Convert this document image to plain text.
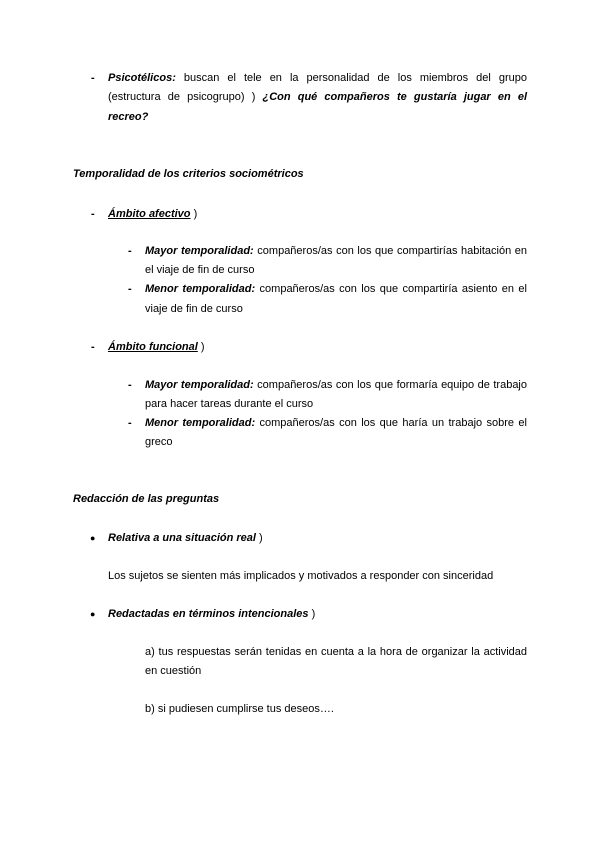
- Psicotélicos: buscan el tele en la personalidad de los miembros del grupo
(estructura de psicogrupo) ) ¿Con qué compañeros te gustaría jugar en el
recreo?
Temporalidad de los criterios sociométricos
- Ámbito afectivo )
- Mayor temporalidad: compañeros/as con los que compartirías habitación en
el viaje de fin de curso
- Menor temporalidad: compañeros/as con los que compartiría asiento en el
viaje de fin de curso
- Ámbito funcional )
- Mayor temporalidad: compañeros/as con los que formaría equipo de trabajo
para hacer tareas durante el curso
- Menor temporalidad: compañeros/as con los que haría un trabajo sobre el
greco
Redacción de las preguntas
● Relativa a una situación real )
Los sujetos se sienten más implicados y motivados a responder con sinceridad
● Redactadas en términos intencionales )
a) tus respuestas serán tenidas en cuenta a la hora de organizar la actividad
en cuestión
b) si pudiesen cumplirse tus deseos….
